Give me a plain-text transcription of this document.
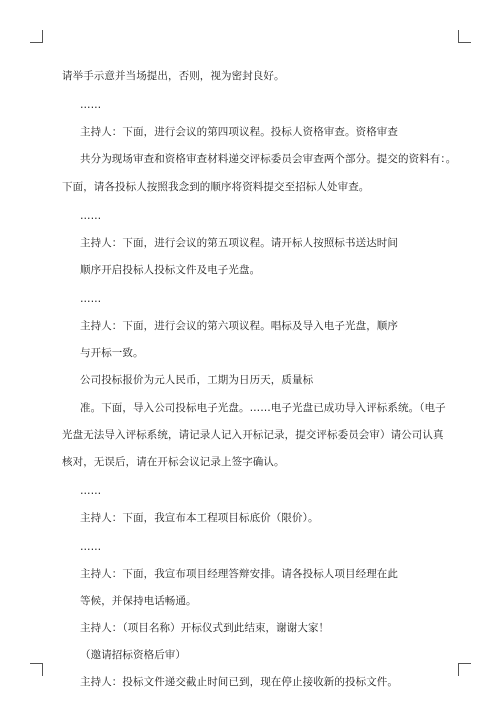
请举手示意并当场提出，否则，视为密封良好。
……
主持人：下面，进行会议的第四项议程。投标人资格审查。资格审查
共分为现场审查和资格审查材料递交评标委员会审查两个部分。提交的资料有：。
下面，请各投标人按照我念到的顺序将资料提交至招标人处审查。
……
主持人：下面，进行会议的第五项议程。请开标人按照标书送达时间
顺序开启投标人投标文件及电子光盘。
……
主持人：下面，进行会议的第六项议程。唱标及导入电子光盘，顺序
与开标一致。
公司投标报价为元人民币，工期为日历天，质量标
准。下面，导入公司投标电子光盘。……电子光盘已成功导入评标系统。（电子
光盘无法导入评标系统，请记录人记入开标记录，提交评标委员会审）请公司认真
核对，无误后，请在开标会议记录上签字确认。
……
主持人：下面，我宣布本工程项目标底价（限价）。
……
主持人：下面，我宣布项目经理答辩安排。请各投标人项目经理在此
等候，并保持电话畅通。
主持人：（项目名称）开标仪式到此结束，谢谢大家！
（邀请招标资格后审）
主持人：投标文件递交截止时间已到，现在停止接收新的投标文件。
